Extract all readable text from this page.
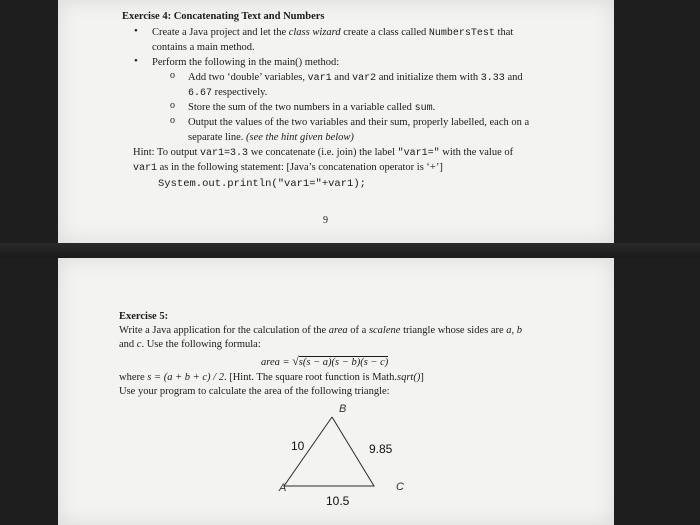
Exercise 4: Concatenating Text and Numbers
• Create a Java project and let the class wizard create a class called NumbersTest that
contains a main method.
• Perform the following in the main() method:
o Add two ‘double’ variables, var1 and var2 and initialize them with 3.33 and
6.67 respectively.
o Store the sum of the two numbers in a variable called sum.
o Output the values of the two variables and their sum, properly labelled, each on a
separate line. (see the hint given below)
Hint: To output var1=3.3 we concatenate (i.e. join) the label "var1=" with the value of
var1 as in the following statement: [Java’s concatenation operator is ‘+’]
System.out.println("var1="+var1);
9
Exercise 5:
Write a Java application for the calculation of the area of a scalene triangle whose sides are a, b
and c. Use the following formula:
area = √s(s − a)(s − b)(s − c)
where s = (a + b + c) / 2. [Hint. The square root function is Math.sqrt()]
Use your program to calculate the area of the following triangle:
B
A	C
10	9.85
10.5
